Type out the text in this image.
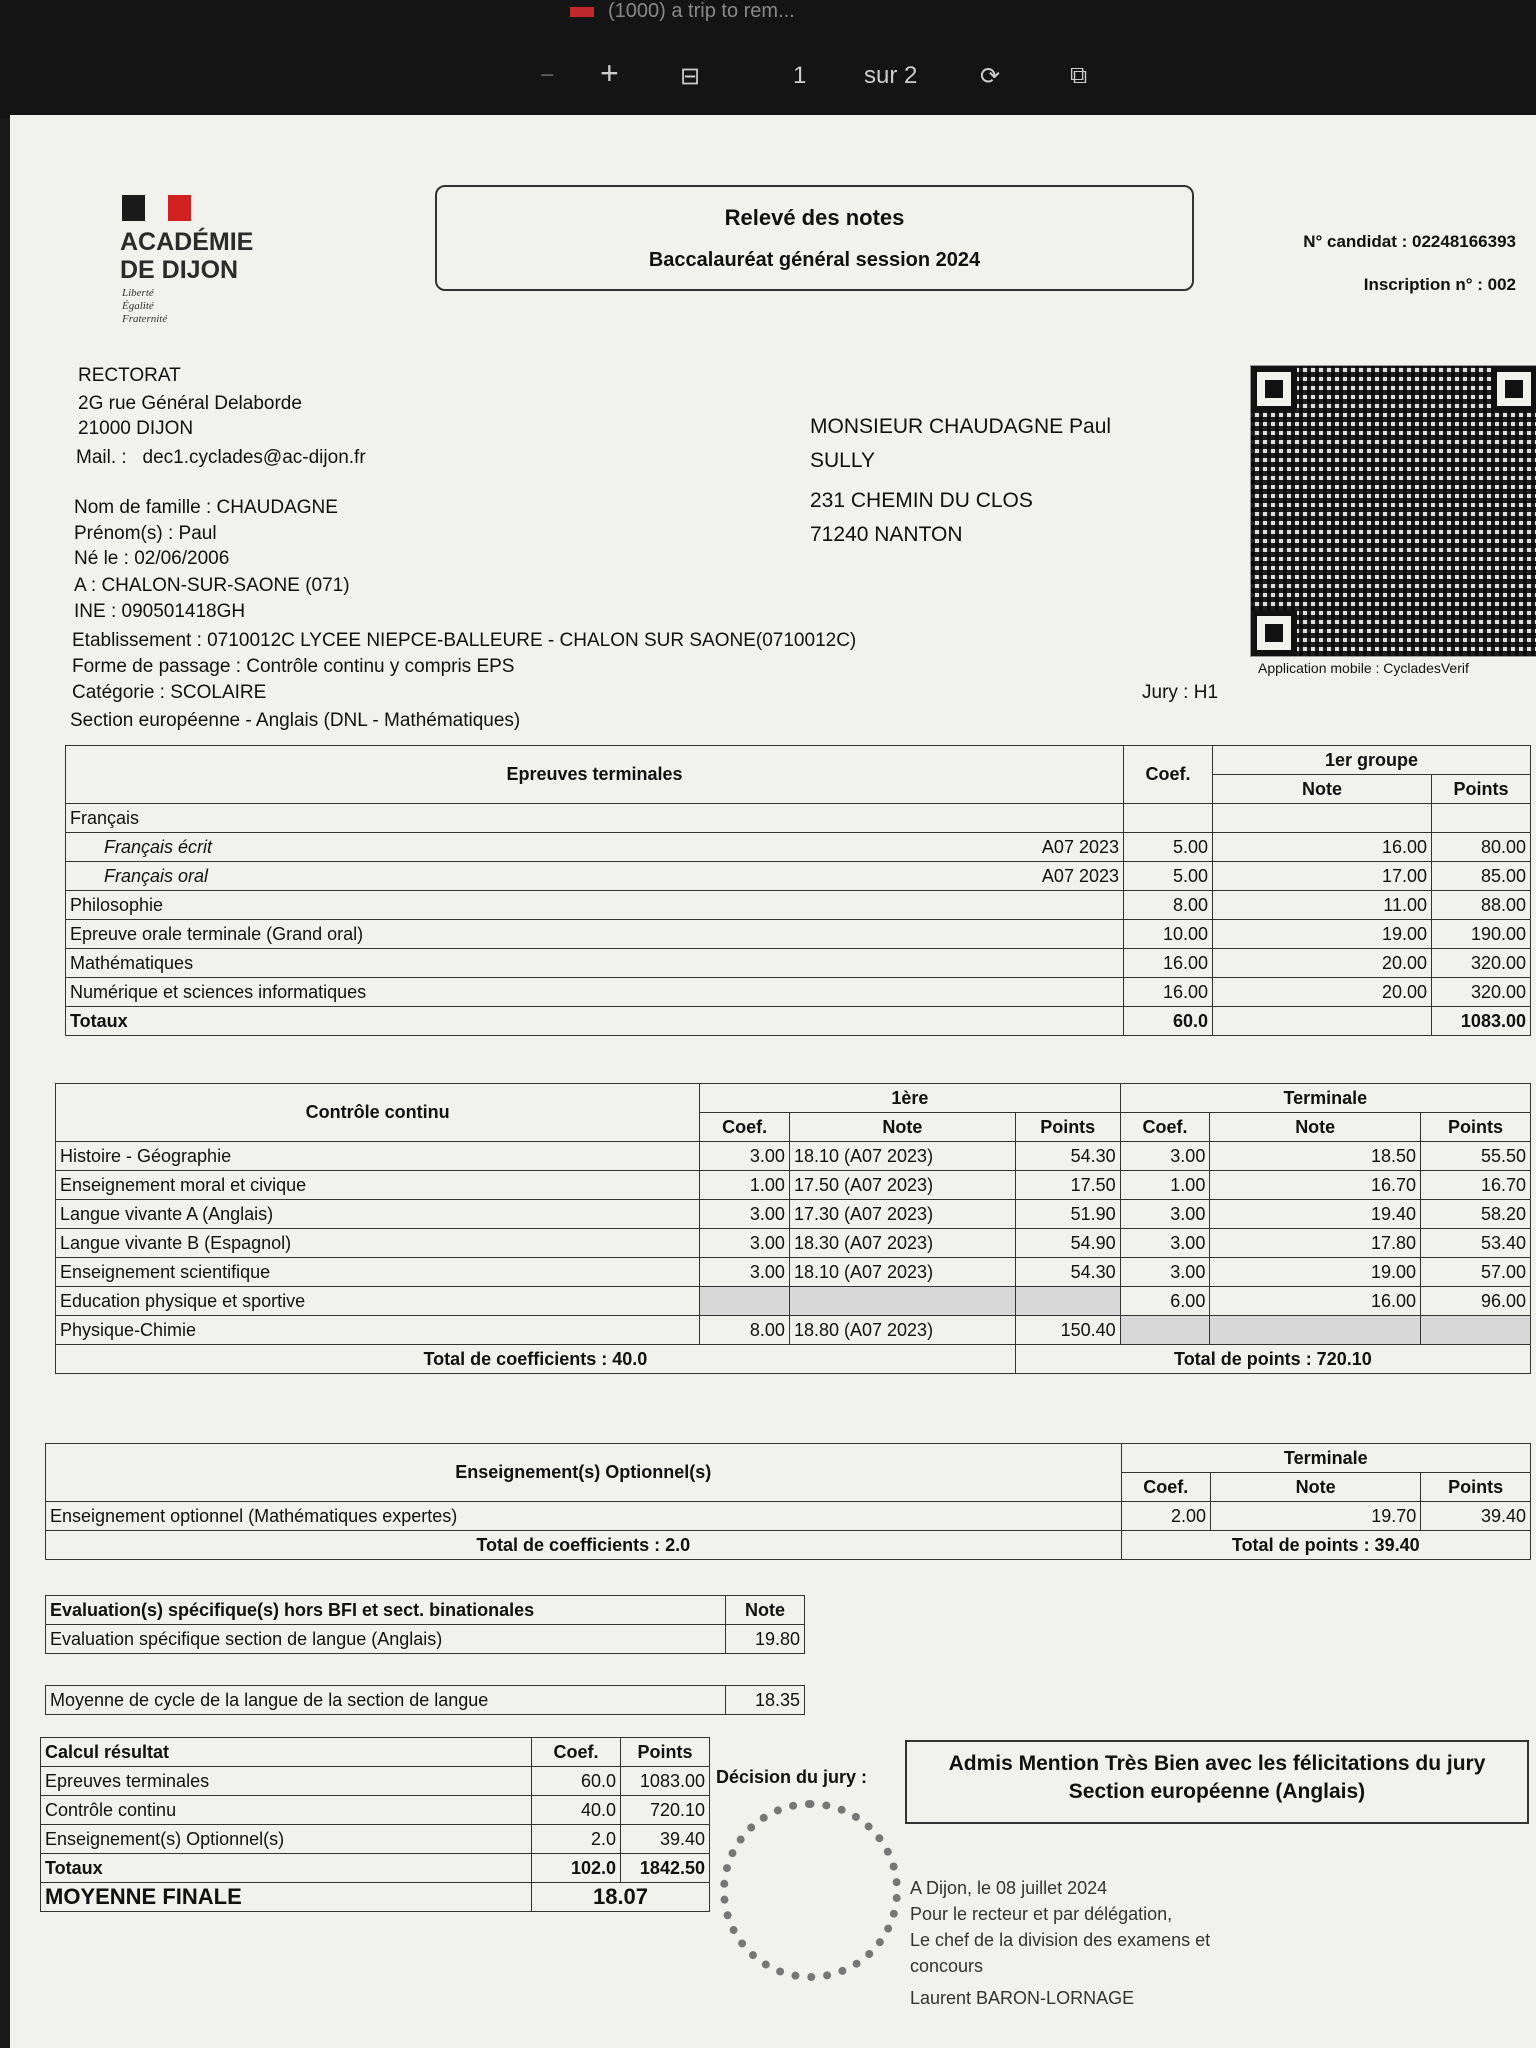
(1000) a trip to rem...
− +	⊟	1 sur 2	⟳	⧉
ACADÉMIE
DE DIJON
Liberté
Égalité
Fraternité
Relevé des notes
Baccalauréat général session 2024
N° candidat : 02248166393
Inscription n° : 002
RECTORAT
2G rue Général Delaborde
21000 DIJON
Mail. : dec1.cyclades@ac-dijon.fr
MONSIEUR CHAUDAGNE Paul
SULLY
231 CHEMIN DU CLOS
71240 NANTON
Application mobile : CycladesVerif
Nom de famille : CHAUDAGNE
Prénom(s) : Paul
Né le : 02/06/2006
A : CHALON-SUR-SAONE (071)
INE : 090501418GH
Etablissement : 0710012C LYCEE NIEPCE-BALLEURE - CHALON SUR SAONE(0710012C)
Forme de passage : Contrôle continu y compris EPS
Catégorie : SCOLAIRE
Section européenne - Anglais (DNL - Mathématiques)
Jury : H1
Epreuves terminales		Coef.	1er groupe	
			Note	Points
Français				
Français écrit	A07 2023	5.00	16.00	80.00
Français oral	A07 2023	5.00	17.00	85.00
Philosophie		8.00	11.00	88.00
Epreuve orale terminale (Grand oral)		10.00	19.00	190.00
Mathématiques		16.00	20.00	320.00
Numérique et sciences informatiques		16.00	20.00	320.00
Totaux		60.0		1083.00
Contrôle continu	1ère			Terminale		
	Coef.	Note	Points	Coef.	Note	Points
Histoire - Géographie	3.00	18.10 (A07 2023)	54.30	3.00	18.50	55.50
Enseignement moral et civique	1.00	17.50 (A07 2023)	17.50	1.00	16.70	16.70
Langue vivante A (Anglais)	3.00	17.30 (A07 2023)	51.90	3.00	19.40	58.20
Langue vivante B (Espagnol)	3.00	18.30 (A07 2023)	54.90	3.00	17.80	53.40
Enseignement scientifique	3.00	18.10 (A07 2023)	54.30	3.00	19.00	57.00
Education physique et sportive				6.00	16.00	96.00
Physique-Chimie	8.00	18.80 (A07 2023)	150.40			
Total de coefficients : 40.0			Total de points : 720.10			
Enseignement(s) Optionnel(s)	Terminale		
	Coef.	Note	Points
Enseignement optionnel (Mathématiques expertes)	2.00	19.70	39.40
Total de coefficients : 2.0	Total de points : 39.40		
Evaluation(s) spécifique(s) hors BFI et sect. binationales	Note
Evaluation spécifique section de langue (Anglais)	19.80
Moyenne de cycle de la langue de la section de langue	18.35
Calcul résultat	Coef.	Points
Epreuves terminales	60.0	1083.00
Contrôle continu	40.0	720.10
Enseignement(s) Optionnel(s)	2.0	39.40
Totaux	102.0	1842.50
MOYENNE FINALE	18.07	
Décision du jury :
Admis Mention Très Bien avec les félicitations du jury
Section européenne (Anglais)
A Dijon, le 08 juillet 2024
Pour le recteur et par délégation,
Le chef de la division des examens et
concours
Laurent BARON-LORNAGE
